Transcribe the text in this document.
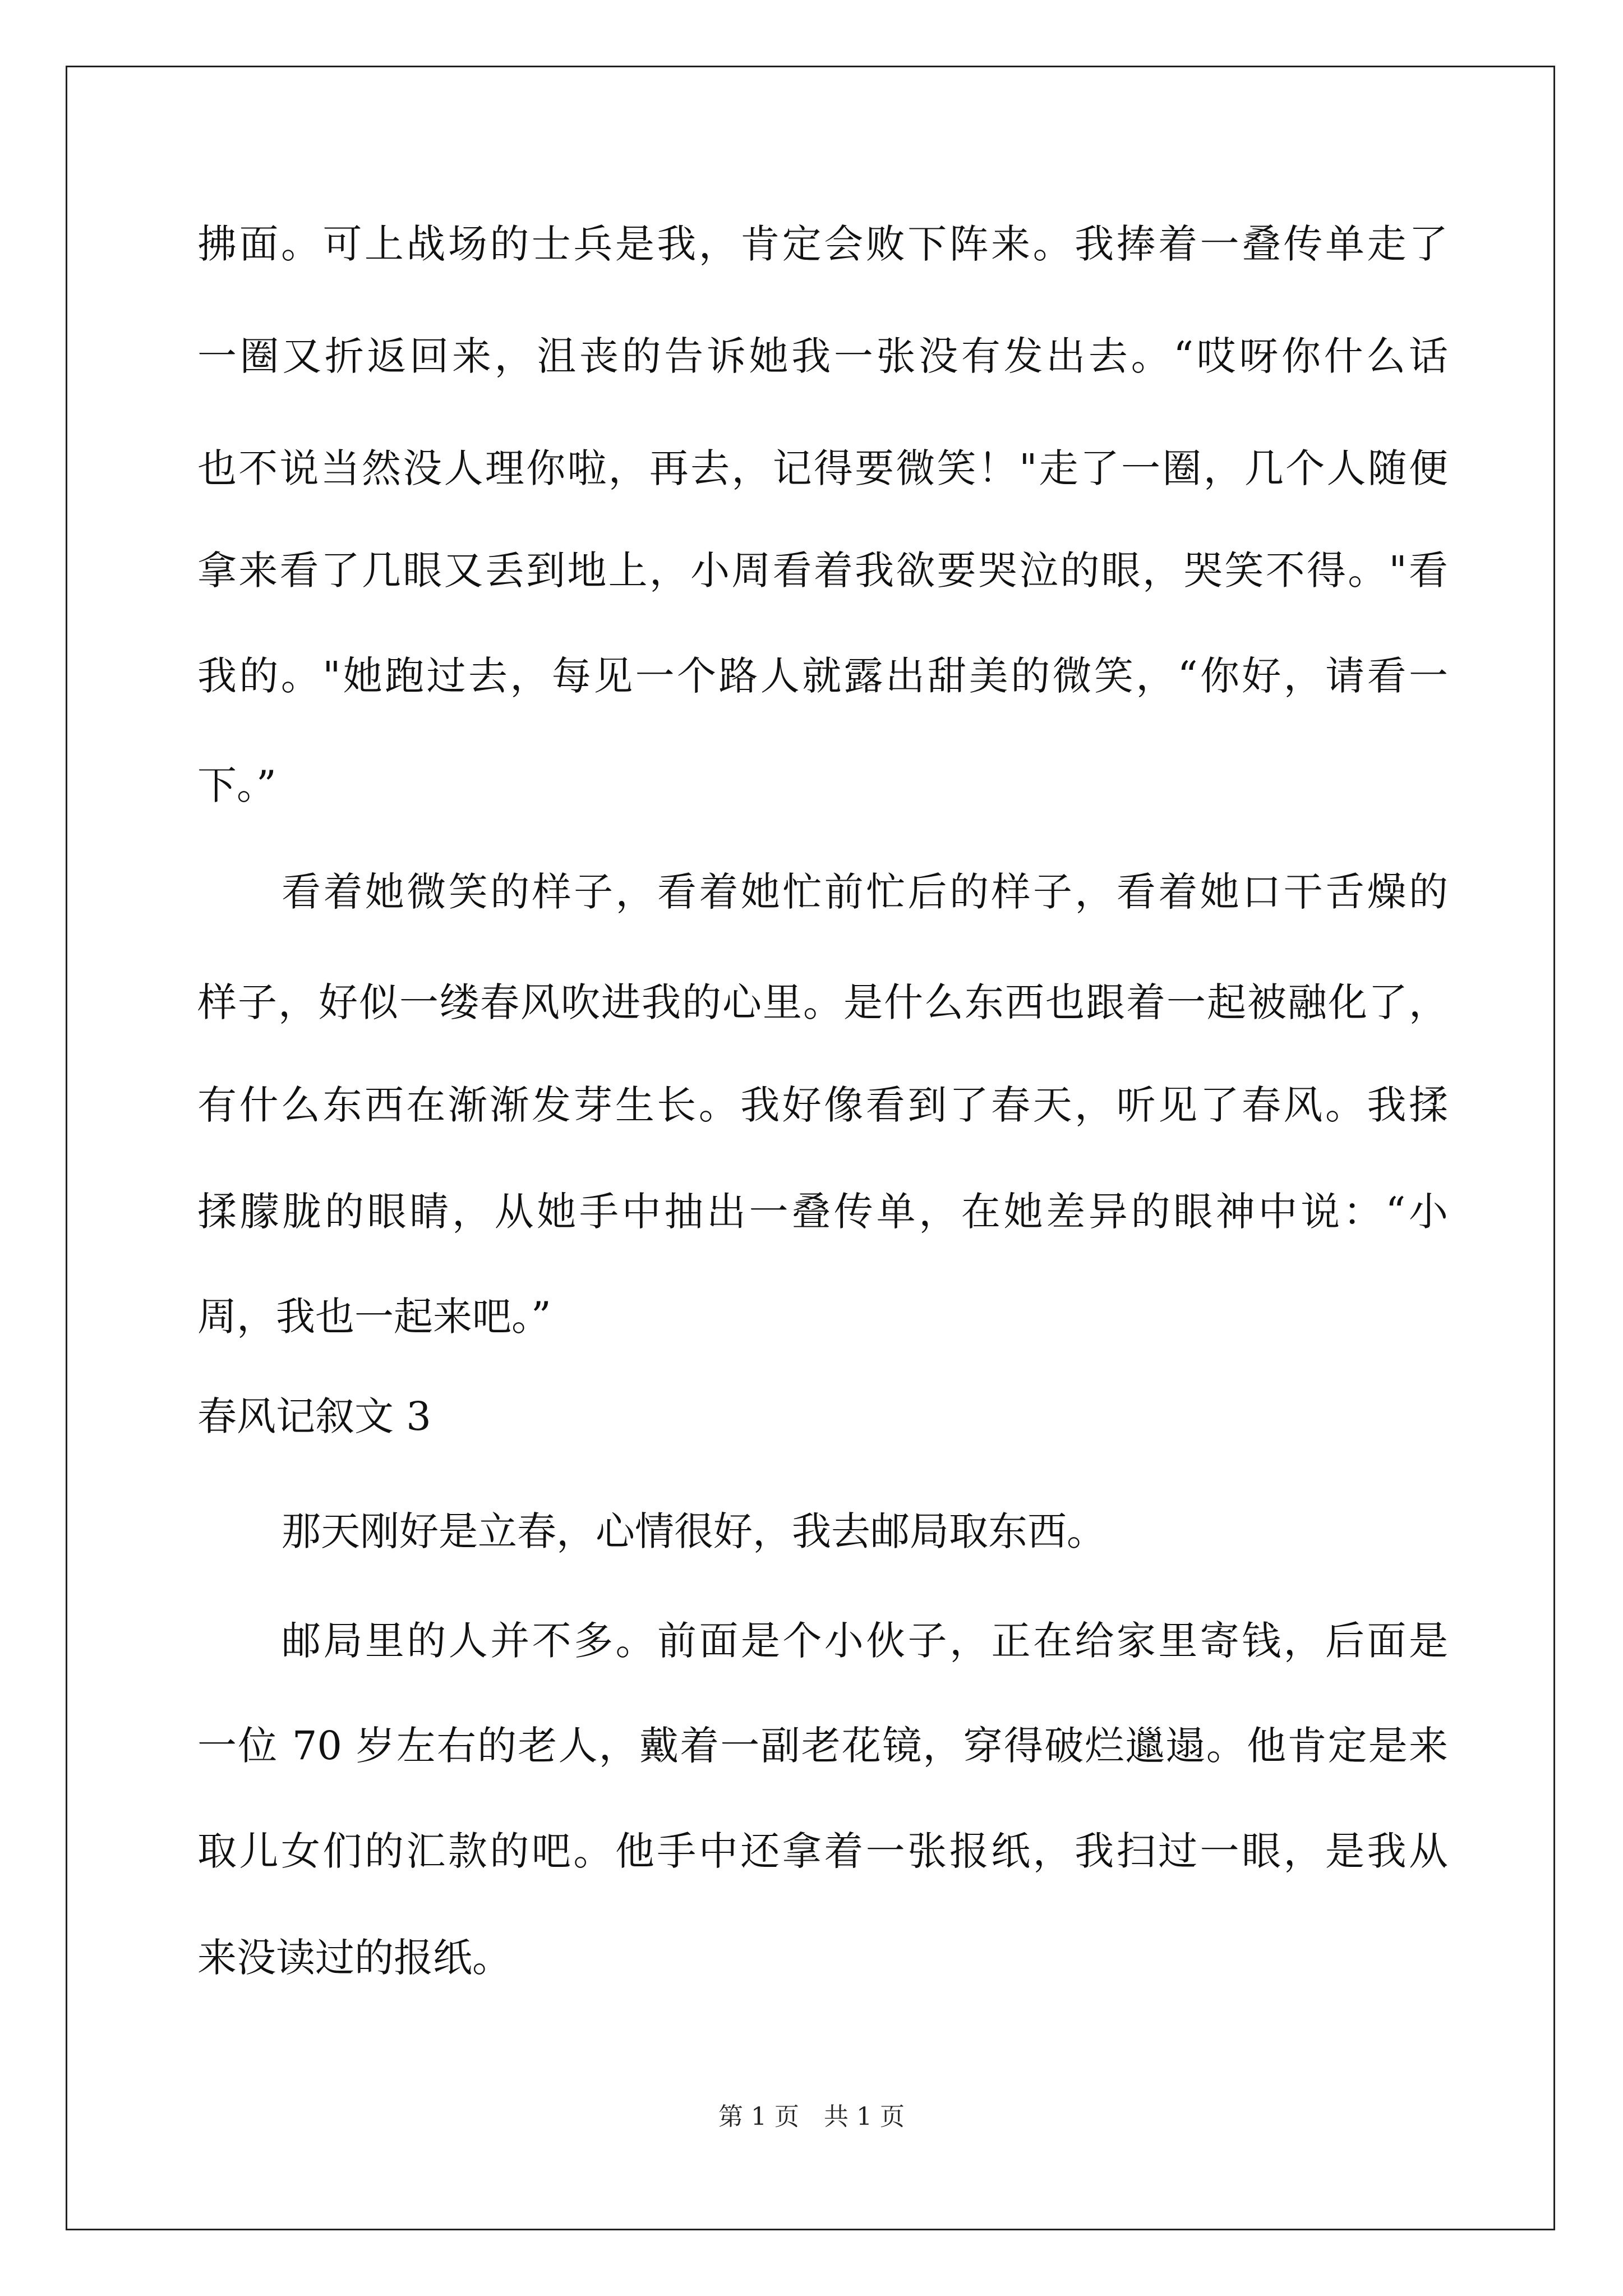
拂面。可上战场的士兵是我，肯定会败下阵来。我捧着一叠传单走了
一圈又折返回来，沮丧的告诉她我一张没有发出去。“哎呀你什么话
也不说当然没人理你啦，再去，记得要微笑！"走了一圈，几个人随便
拿来看了几眼又丢到地上，小周看着我欲要哭泣的眼，哭笑不得。"看
我的。"她跑过去，每见一个路人就露出甜美的微笑，“你好，请看一
下。”
看着她微笑的样子，看着她忙前忙后的样子，看着她口干舌燥的
样子，好似一缕春风吹进我的心里。是什么东西也跟着一起被融化了，
有什么东西在渐渐发芽生长。我好像看到了春天，听见了春风。我揉
揉朦胧的眼睛，从她手中抽出一叠传单，在她差异的眼神中说：“小
周，我也一起来吧。”
春风记叙文 3
那天刚好是立春，心情很好，我去邮局取东西。
邮局里的人并不多。前面是个小伙子，正在给家里寄钱，后面是
一位 70 岁左右的老人，戴着一副老花镜，穿得破烂邋遢。他肯定是来
取儿女们的汇款的吧。他手中还拿着一张报纸，我扫过一眼，是我从
来没读过的报纸。
第 1 页　共 1 页
